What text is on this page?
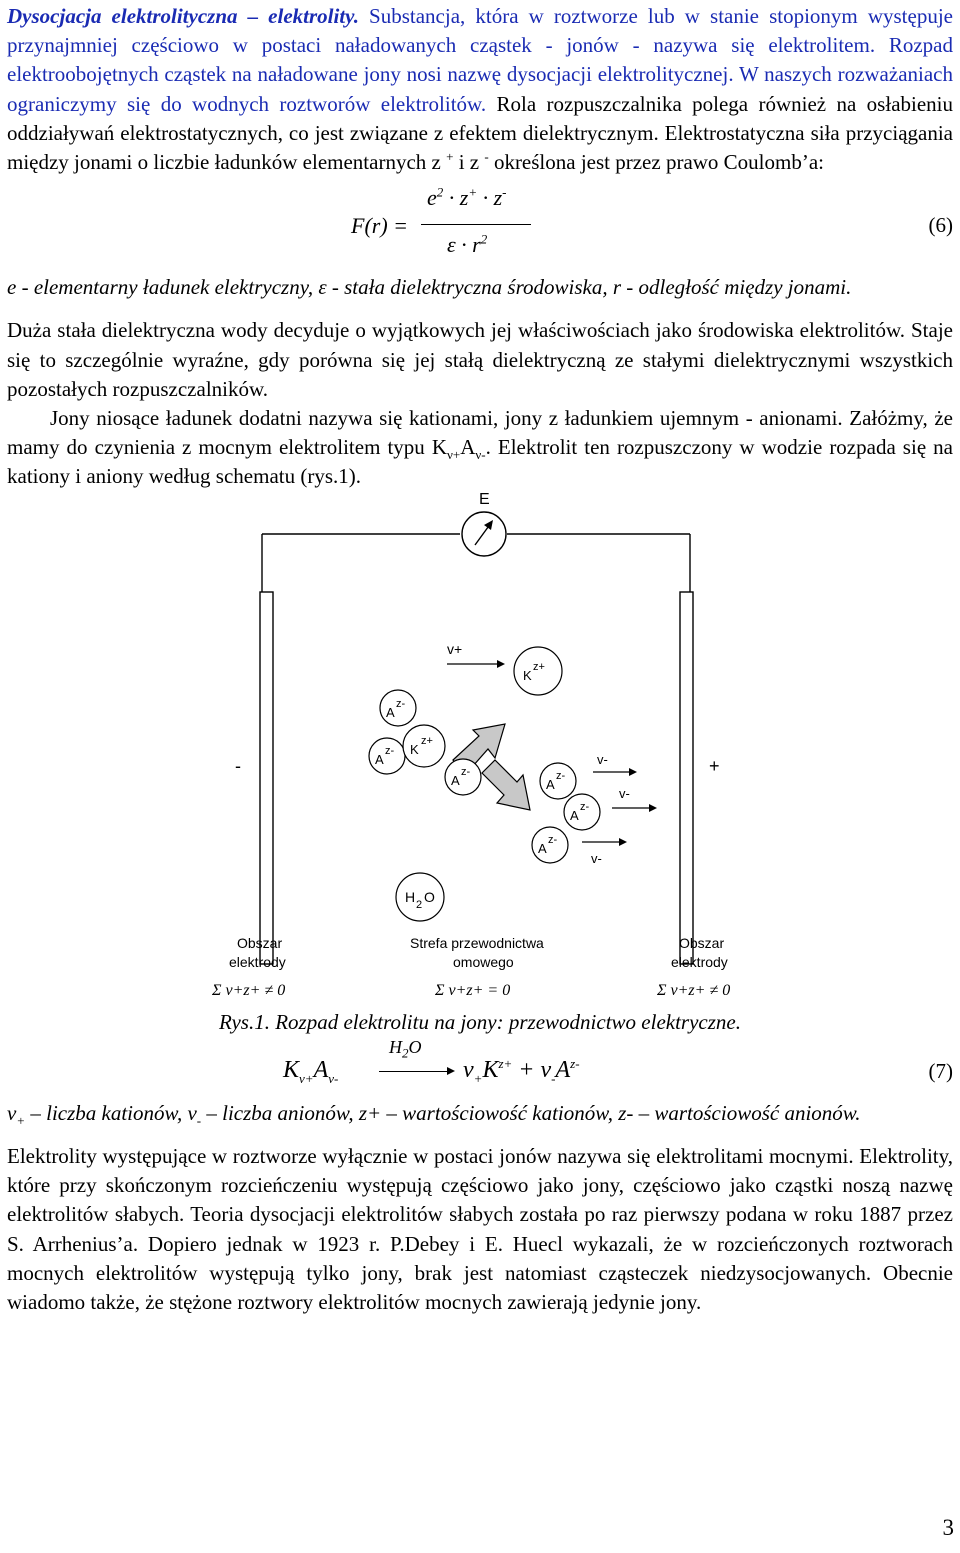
Dysocjacja elektrolityczna – elektrolity. Substancja, która w roztworze lub w stanie stopionym występuje przynajmniej częściowo w postaci naładowanych cząstek - jonów - nazywa się elektrolitem. Rozpad elektroobojętnych cząstek na naładowane jony nosi nazwę dysocjacji elektrolitycznej. W naszych rozważaniach ograniczymy się do wodnych roztworów elektrolitów. Rola rozpuszczalnika polega również na osłabieniu oddziaływań elektrostatycznych, co jest związane z efektem dielektrycznym. Elektrostatyczna siła przyciągania między jonami o liczbie ładunków elementarnych z + i z - określona jest przez prawo Coulomb’a:

F(r) =
$e^2 \cdot z^+ \cdot z^-$
$\varepsilon \cdot r^2$
(6)

e - elementarny ładunek elektryczny, ε - stała dielektryczna środowiska, r - odległość między jonami.

Duża stała dielektryczna wody decyduje o wyjątkowych jej właściwościach jako środowiska elektrolitów. Staje się to szczególnie wyraźne, gdy porówna się jej stałą dielektryczną ze stałymi dielektrycznymi wszystkich pozostałych rozpuszczalników.

Jony niosące ładunek dodatni nazywa się kationami, jony z ładunkiem ujemnym - anionami. Załóżmy, że mamy do czynienia z mocnym elektrolitem typu $K_{\nu+}A_{\nu-}$. Elektrolit ten rozpuszczony w wodzie rozpada się na kationy i aniony według schematu (rys.1).

E
-	+
v+
K
z+
A
z-
A
z- K
z+
A
z-
A
z-
v-
A
z-
v-
A
z-
v-
H 2 O
Obszar
elektrody
Strefa przewodnictwa
omowego
Obszar
elektrody
Σ v+z+ ≠ 0	Σ v+z+ = 0	Σ v+z+ ≠ 0

Rys.1. Rozpad elektrolitu na jony: przewodnictwo elektryczne.

$K_{\nu+}A_{\nu-}$
$H_2O$
$\nu_+K^{z+} + \nu_-A^{z-}$	(7)

$\nu_+$ – liczba kationów, $\nu_-$ – liczba anionów, z+ – wartościowość kationów, z- – wartościowość anionów.

Elektrolity występujące w roztworze wyłącznie w postaci jonów nazywa się elektrolitami mocnymi. Elektrolity, które przy skończonym rozcieńczeniu występują częściowo jako jony, częściowo jako cząstki noszą nazwę elektrolitów słabych. Teoria dysocjacji elektrolitów słabych została po raz pierwszy podana w roku 1887 przez S. Arrhenius’a. Dopiero jednak w 1923 r. P.Debey i E. Huecl wykazali, że w rozcieńczonych roztworach mocnych elektrolitów występują tylko jony, brak jest natomiast cząsteczek niedzysocjowanych. Obecnie wiadomo także, że stężone roztwory elektrolitów mocnych zawierają jedynie jony.

3
